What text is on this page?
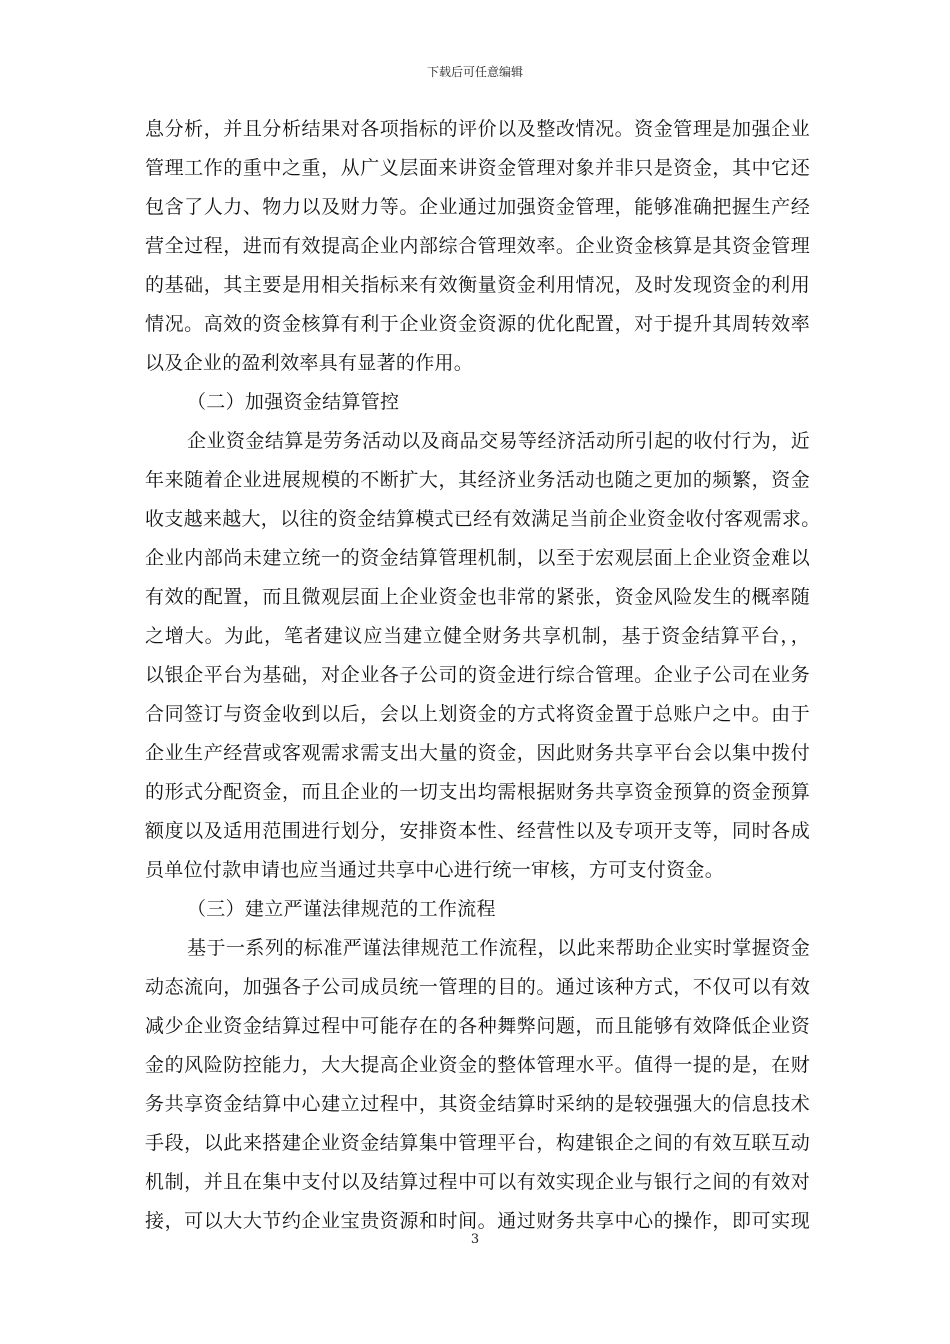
下载后可任意编辑
息分析，并且分析结果对各项指标的评价以及整改情况。资金管理是加强企业
管理工作的重中之重，从广义层面来讲资金管理对象并非只是资金，其中它还
包含了人力、物力以及财力等。企业通过加强资金管理，能够准确把握生产经
营全过程，进而有效提高企业内部综合管理效率。企业资金核算是其资金管理
的基础，其主要是用相关指标来有效衡量资金利用情况，及时发现资金的利用
情况。高效的资金核算有利于企业资金资源的优化配置，对于提升其周转效率
以及企业的盈利效率具有显著的作用。
（二）加强资金结算管控
企业资金结算是劳务活动以及商品交易等经济活动所引起的收付行为，近
年来随着企业进展规模的不断扩大，其经济业务活动也随之更加的频繁，资金
收支越来越大，以往的资金结算模式已经有效满足当前企业资金收付客观需求。
企业内部尚未建立统一的资金结算管理机制，以至于宏观层面上企业资金难以
有效的配置，而且微观层面上企业资金也非常的紧张，资金风险发生的概率随
之增大。为此，笔者建议应当建立健全财务共享机制，基于资金结算平台，，
以银企平台为基础，对企业各子公司的资金进行综合管理。企业子公司在业务
合同签订与资金收到以后，会以上划资金的方式将资金置于总账户之中。由于
企业生产经营或客观需求需支出大量的资金，因此财务共享平台会以集中拨付
的形式分配资金，而且企业的一切支出均需根据财务共享资金预算的资金预算
额度以及适用范围进行划分，安排资本性、经营性以及专项开支等，同时各成
员单位付款申请也应当通过共享中心进行统一审核，方可支付资金。
（三）建立严谨法律规范的工作流程
基于一系列的标准严谨法律规范工作流程，以此来帮助企业实时掌握资金
动态流向，加强各子公司成员统一管理的目的。通过该种方式，不仅可以有效
减少企业资金结算过程中可能存在的各种舞弊问题，而且能够有效降低企业资
金的风险防控能力，大大提高企业资金的整体管理水平。值得一提的是，在财
务共享资金结算中心建立过程中，其资金结算时采纳的是较强强大的信息技术
手段，以此来搭建企业资金结算集中管理平台，构建银企之间的有效互联互动
机制，并且在集中支付以及结算过程中可以有效实现企业与银行之间的有效对
接，可以大大节约企业宝贵资源和时间。通过财务共享中心的操作，即可实现
3
